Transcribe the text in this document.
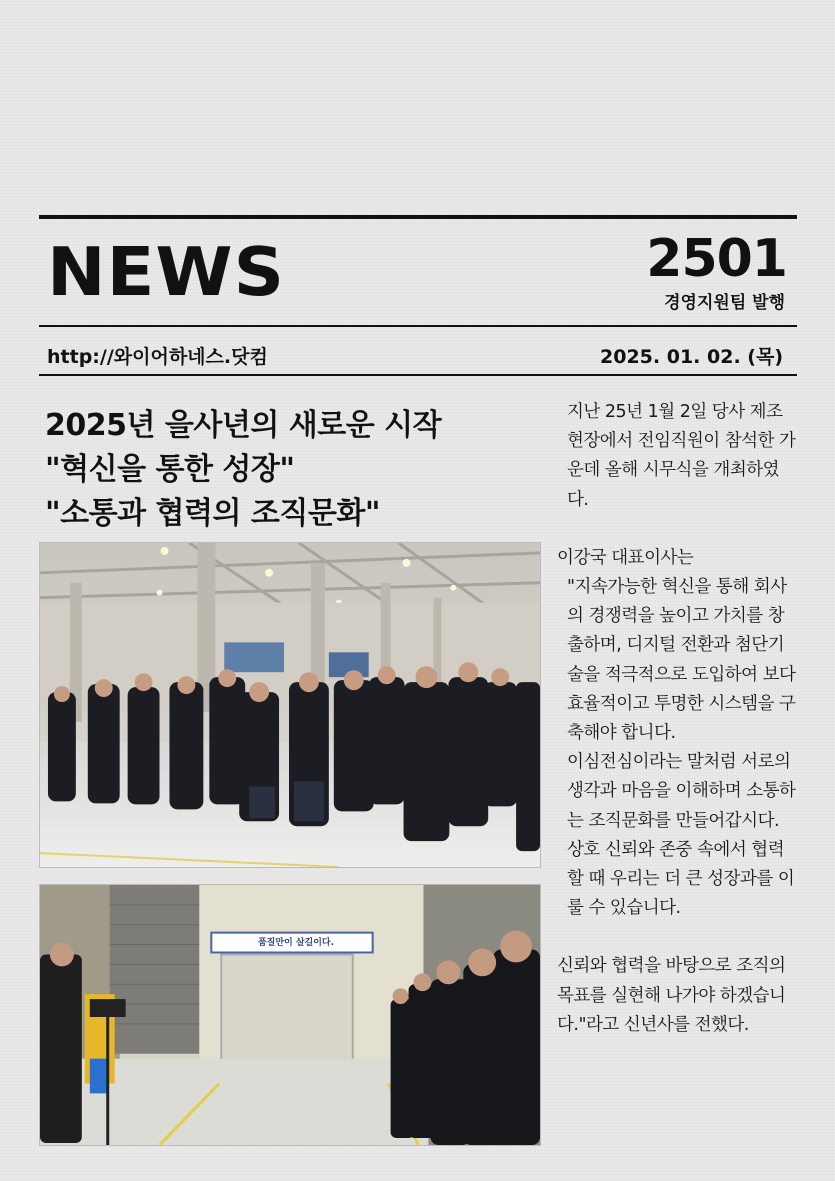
NEWS	2501
경영지원팀 발행
http://와이어하네스.닷컴	2025. 01. 02. (목)
2025년 을사년의 새로운 시작
"혁신을 통한 성장"
"소통과 협력의 조직문화"
품질만이 살길이다.

지난 25년 1월 2일 당사 제조현장에서 전임직원이 참석한 가운데 올해 시무식을 개최하였다.

이강국 대표이사는

"지속가능한 혁신을 통해 회사의 경쟁력을 높이고 가치를 창출하며, 디지털 전환과 첨단기술을 적극적으로 도입하여 보다 효율적이고 투명한 시스템을 구축해야 합니다.

이심전심이라는 말처럼 서로의 생각과 마음을 이해하며 소통하는 조직문화를 만들어갑시다. 상호 신뢰와 존중 속에서 협력할 때 우리는 더 큰 성장과를 이룰 수 있습니다.

신뢰와 협력을 바탕으로 조직의 목표를 실현해 나가야 하겠습니다."라고 신년사를 전했다.
